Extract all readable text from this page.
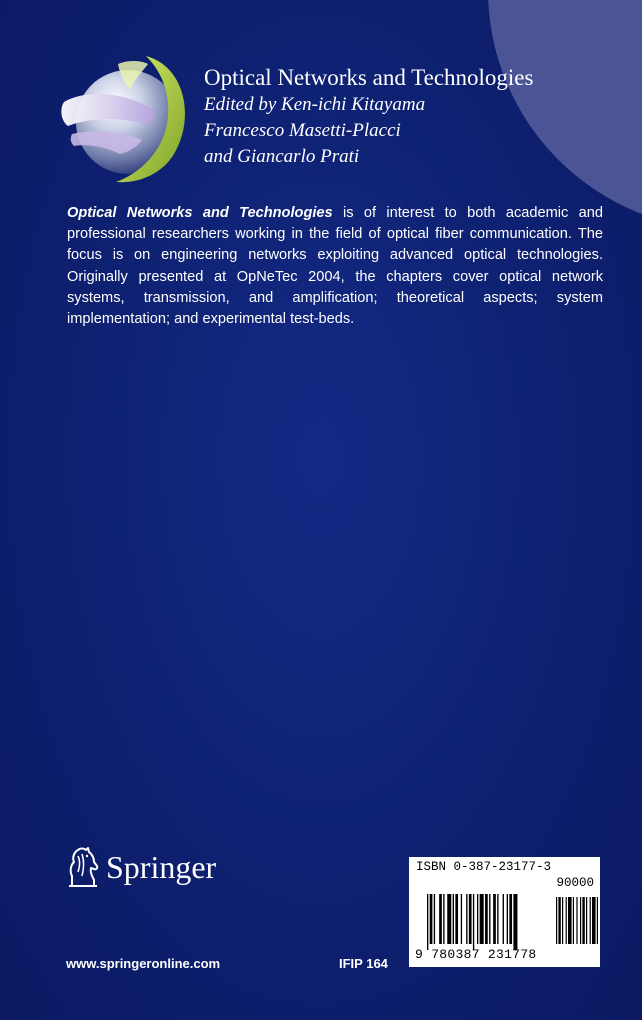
Optical Networks and Technologies
Edited by Ken-ichi Kitayama
Francesco Masetti-Placci
and Giancarlo Prati

Optical Networks and Technologies is of interest to both academic and professional researchers working in the field of optical fiber communication. The focus is on engineering networks exploiting advanced optical technologies. Originally presented at OpNeTec 2004, the chapters cover optical network systems, transmission, and amplification; theoretical aspects; system implementation; and experimental test-beds.

Springer
www.springeronline.com	IFIP 164
ISBN 0-387-23177-3
90000
9 780387 231778
